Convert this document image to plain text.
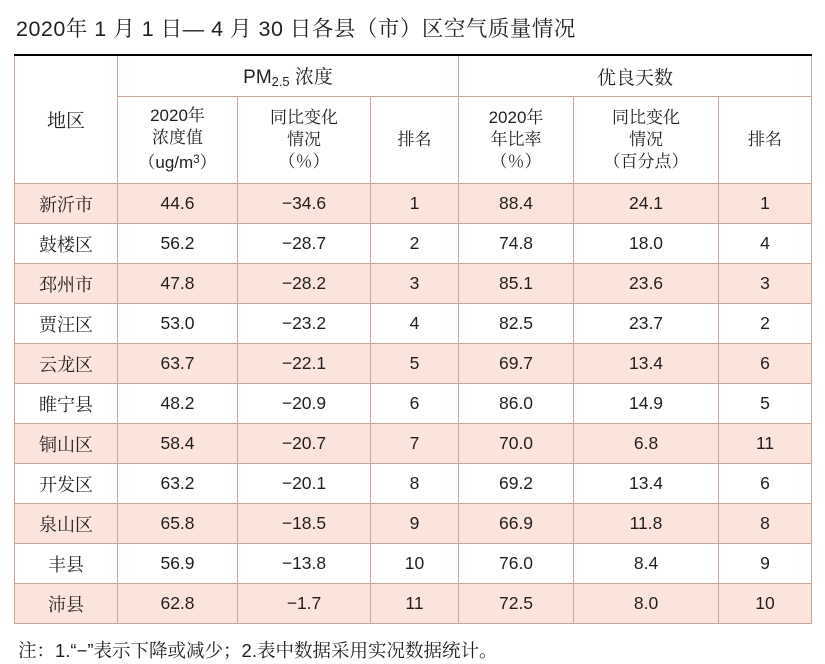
2020年 1 月 1 日— 4 月 30 日各县（市）区空气质量情况
地区	$PM_{2.5}$ 浓度			优良天数		

	2020年
浓度值
$(ug/m^3)$	同比变化
情况
（％）	排名	2020年
年比率
（％）	同比变化
情况
（百分点）	排名
新沂市	44.6	−34.6	1	88.4	24.1	1
鼓楼区	56.2	−28.7	2	74.8	18.0	4
邳州市	47.8	−28.2	3	85.1	23.6	3
贾汪区	53.0	−23.2	4	82.5	23.7	2
云龙区	63.7	−22.1	5	69.7	13.4	6
睢宁县	48.2	−20.9	6	86.0	14.9	5
铜山区	58.4	−20.7	7	70.0	6.8	11
开发区	63.2	−20.1	8	69.2	13.4	6
泉山区	65.8	−18.5	9	66.9	11.8	8
丰县	56.9	−13.8	10	76.0	8.4	9
沛县	62.8	−1.7	11	72.5	8.0	10
注：1.“−”表示下降或减少；2.表中数据采用实况数据统计。
